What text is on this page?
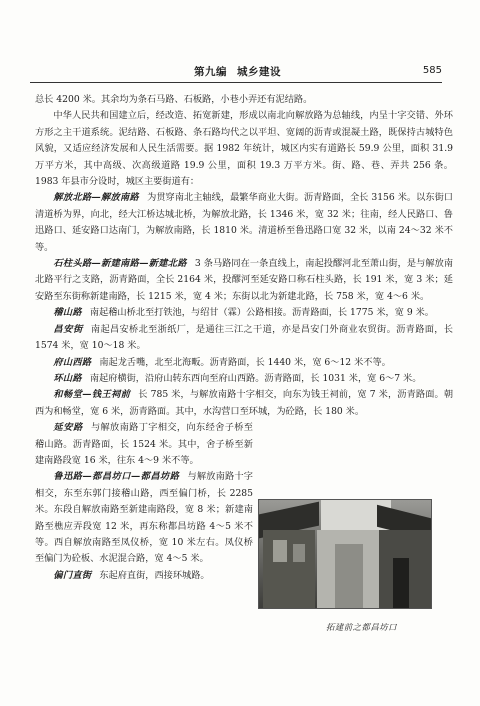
第九编 城乡建设	585

总长 4200 米。其余均为条石马路、石板路，小巷小弄还有泥结路。

中华人民共和国建立后，经改造、拓宽新建，形成以南北向解放路为总轴线，内呈十字交错、外环方形之主干道系统。泥结路、石板路、条石路均代之以平坦、宽阔的沥青或混凝土路，既保持古城特色风貌，又适应经济发展和人民生活需要。据 1982 年统计，城区内实有道路长 59.9 公里，面积 31.9 万平方米，其中高级、次高级道路 19.9 公里，面积 19.3 万平方米。街、路、巷、弄共 256 条。1983 年县市分设时，城区主要街道有：

解放北路—解放南路 为贯穿南北主轴线，最繁华商业大街。沥青路面，全长 3156 米。以东街口清道桥为界，向北，经大江桥达城北桥，为解放北路，长 1346 米，宽 32 米；往南，经人民路口、鲁迅路口、延安路口达南门，为解放南路，长 1810 米。清道桥至鲁迅路口宽 32 米，以南 24～32 米不等。

石柱头路—新建南路—新建北路 3 条马路同在一条直线上，南起投醪河北至萧山街，是与解放南北路平行之支路，沥青路面，全长 2164 米，投醪河至延安路口称石柱头路，长 191 米，宽 3 米；延安路至东街称新建南路，长 1215 米，宽 4 米；东街以北为新建北路，长 758 米，宽 4～6 米。

稽山路 南起稽山桥北至打铁池，与绍甘（霖）公路相接。沥青路面，长 1775 米，宽 9 米。

昌安街 南起昌安桥北至浙纸厂，是通往三江之干道，亦是昌安门外商业农贸街。沥青路面，长 1574 米，宽 10～18 米。

府山西路 南起龙舌嘴，北至北海畈。沥青路面，长 1440 米，宽 6～12 米不等。

环山路 南起府横街，沿府山转东西向至府山西路。沥青路面，长 1031 米，宽 6～7 米。

和畅堂—钱王祠前 长 785 米，与解放南路十字相交，向东为钱王祠前，宽 7 米，沥青路面。朝西为和畅堂，宽 6 米，沥青路面。其中，水沟营口至环城，为砼路，长 180 米。

延安路 与解放南路丁字相交，向东经舍子桥至稽山路。沥青路面，长 1524 米。其中，舍子桥至新建南路段宽 16 米，往东 4～9 米不等。

鲁迅路—都昌坊口—都昌坊路 与解放南路十字相交，东至东郭门接稽山路，西至偏门桥，长 2285 米。东段自解放南路至新建南路段，宽 8 米；新建南路至樵应弄段宽 12 米，再东称都昌坊路 4～5 米不等。西自解放南路至凤仪桥，宽 10 米左右。凤仪桥至偏门为砼板、水泥混合路，宽 4～5 米。

偏门直街 东起府直街，西接环城路。

拓建前之都昌坊口
